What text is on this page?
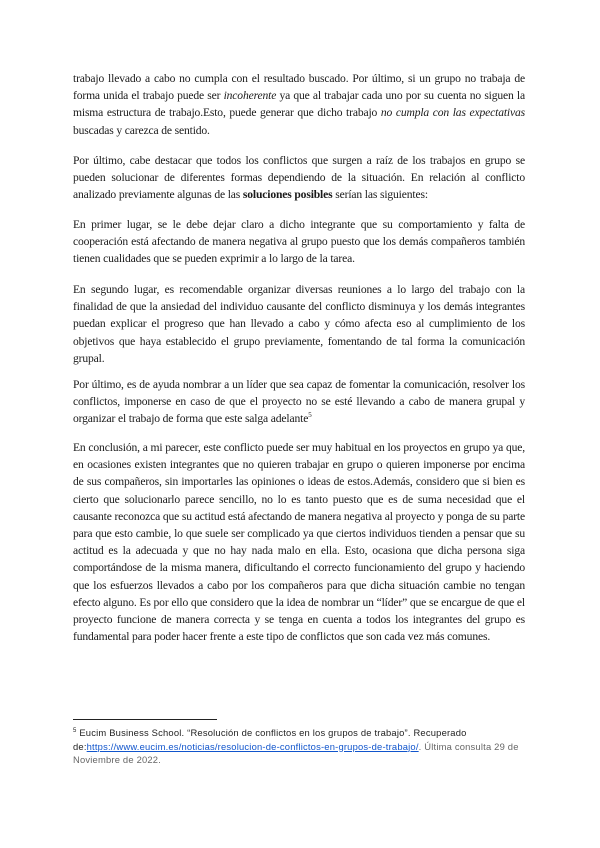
trabajo llevado a cabo no cumpla con el resultado buscado. Por último, si un grupo no trabaja de forma unida el trabajo puede ser incoherente ya que al trabajar cada uno por su cuenta no siguen la misma estructura de trabajo.Esto, puede generar que dicho trabajo no cumpla con las expectativas buscadas y carezca de sentido.

Por último, cabe destacar que todos los conflictos que surgen a raíz de los trabajos en grupo se pueden solucionar de diferentes formas dependiendo de la situación. En relación al conflicto analizado previamente algunas de las soluciones posibles serían las siguientes:

En primer lugar, se le debe dejar claro a dicho integrante que su comportamiento y falta de cooperación está afectando de manera negativa al grupo puesto que los demás compañeros también tienen cualidades que se pueden exprimir a lo largo de la tarea.

En segundo lugar, es recomendable organizar diversas reuniones a lo largo del trabajo con la finalidad de que la ansiedad del individuo causante del conflicto disminuya y los demás integrantes puedan explicar el progreso que han llevado a cabo y cómo afecta eso al cumplimiento de los objetivos que haya establecido el grupo previamente, fomentando de tal forma la comunicación grupal.

Por último, es de ayuda nombrar a un líder que sea capaz de fomentar la comunicación, resolver los conflictos, imponerse en caso de que el proyecto no se esté llevando a cabo de manera grupal y organizar el trabajo de forma que este salga adelante$^5$

En conclusión, a mi parecer, este conflicto puede ser muy habitual en los proyectos en grupo ya que, en ocasiones existen integrantes que no quieren trabajar en grupo o quieren imponerse por encima de sus compañeros, sin importarles las opiniones o ideas de estos.Además, considero que si bien es cierto que solucionarlo parece sencillo, no lo es tanto puesto que es de suma necesidad que el causante reconozca que su actitud está afectando de manera negativa al proyecto y ponga de su parte para que esto cambie, lo que suele ser complicado ya que ciertos individuos tienden a pensar que su actitud es la adecuada y que no hay nada malo en ella. Esto, ocasiona que dicha persona siga comportándose de la misma manera, dificultando el correcto funcionamiento del grupo y haciendo que los esfuerzos llevados a cabo por los compañeros para que dicha situación cambie no tengan efecto alguno. Es por ello que considero que la idea de nombrar un “líder” que se encargue de que el proyecto funcione de manera correcta y se tenga en cuenta a todos los integrantes del grupo es fundamental para poder hacer frente a este tipo de conflictos que son cada vez más comunes.

$^5$ Eucim Business School. “Resolución de conflictos en los grupos de trabajo”. Recuperado de:https://www.eucim.es/noticias/resolucion-de-conflictos-en-grupos-de-trabajo/. Última consulta 29 de Noviembre de 2022.
